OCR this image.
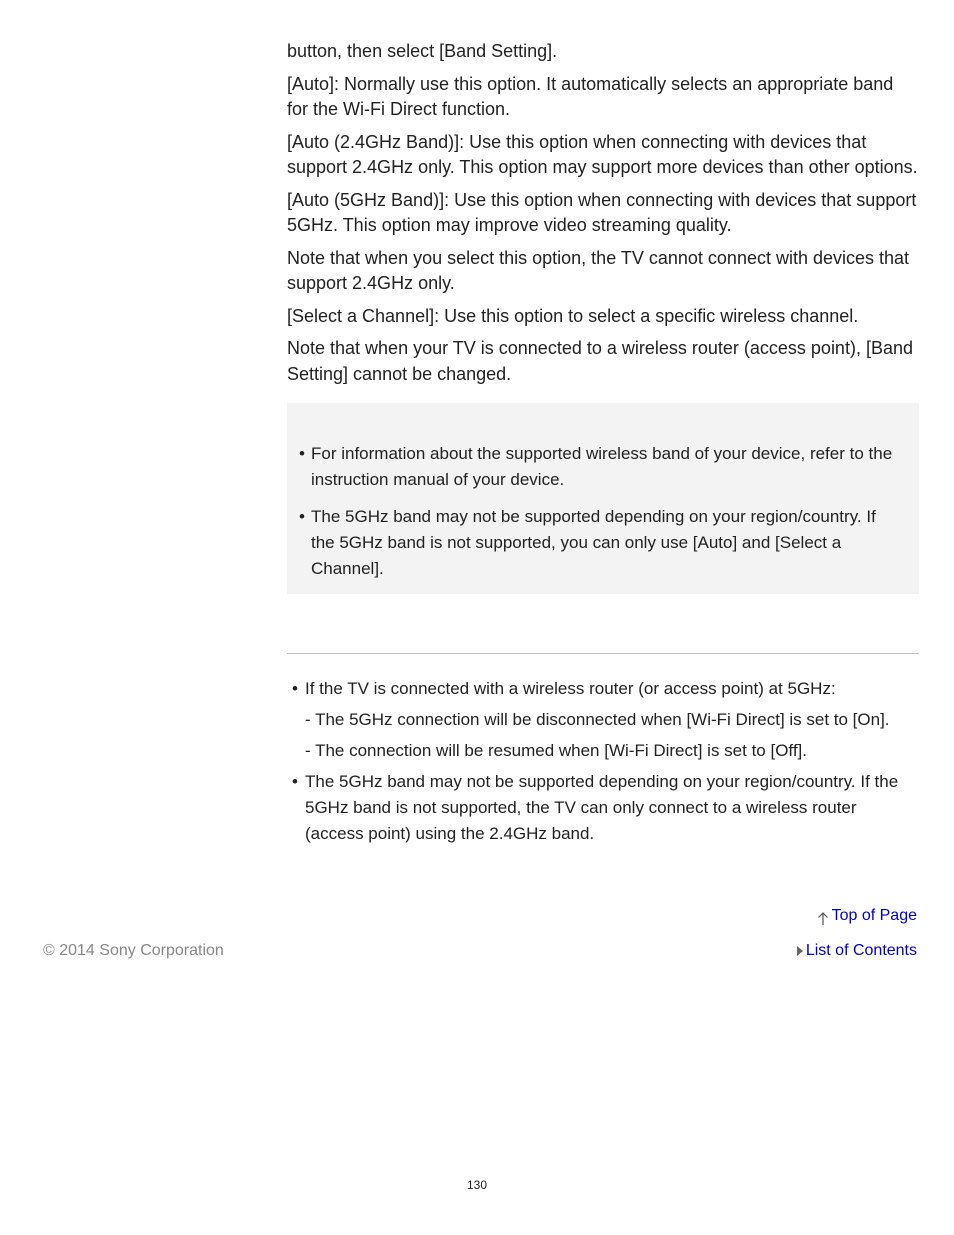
button, then select [Band Setting].

[Auto]: Normally use this option. It automatically selects an appropriate band for the Wi-Fi Direct function.

[Auto (2.4GHz Band)]: Use this option when connecting with devices that support 2.4GHz only. This option may support more devices than other options.

[Auto (5GHz Band)]: Use this option when connecting with devices that support 5GHz. This option may improve video streaming quality.

Note that when you select this option, the TV cannot connect with devices that support 2.4GHz only.

[Select a Channel]: Use this option to select a specific wireless channel.

Note that when your TV is connected to a wireless router (access point), [Band Setting] cannot be changed.

• For information about the supported wireless band of your device, refer to the instruction manual of your device.
• The 5GHz band may not be supported depending on your region/country. If the 5GHz band is not supported, you can only use [Auto] and [Select a Channel].
• If the TV is connected with a wireless router (or access point) at 5GHz:
- The 5GHz connection will be disconnected when [Wi-Fi Direct] is set to [On].
- The connection will be resumed when [Wi-Fi Direct] is set to [Off].
• The 5GHz band may not be supported depending on your region/country. If the 5GHz band is not supported, the TV can only connect to a wireless router (access point) using the 2.4GHz band.
Top of Page
List of Contents
© 2014 Sony Corporation
130
